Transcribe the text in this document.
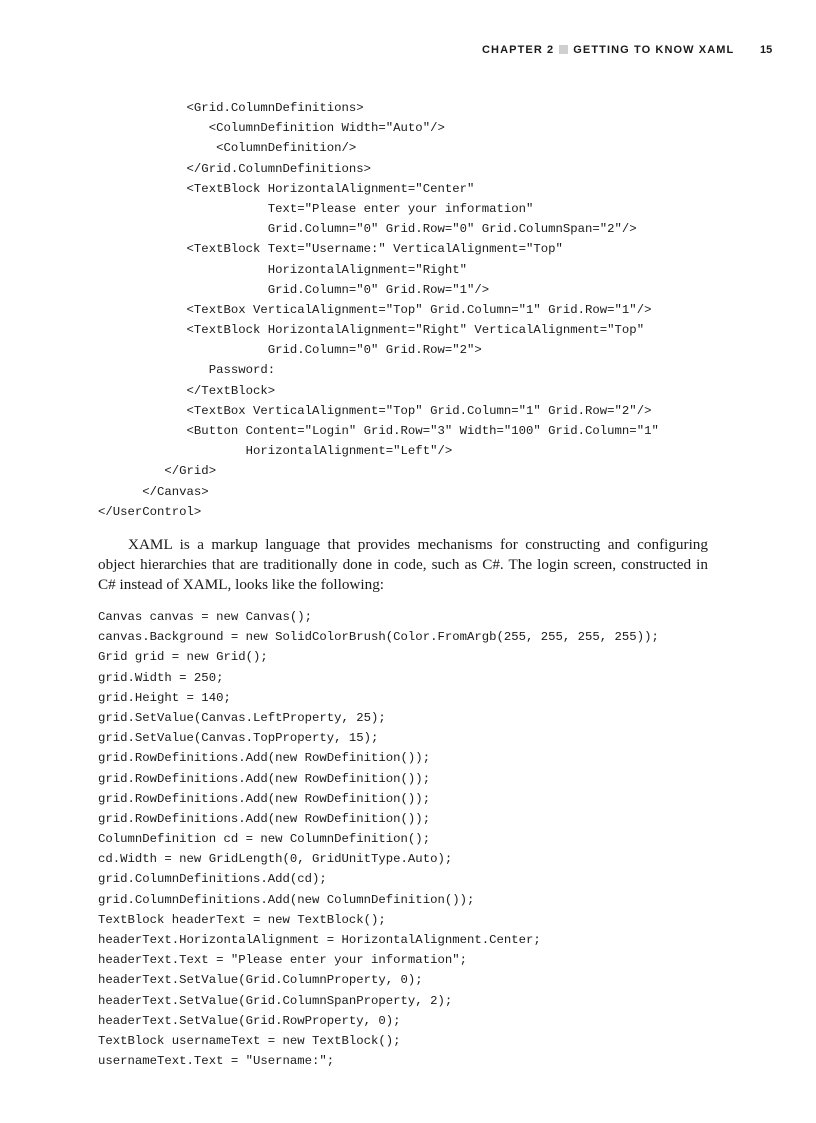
CHAPTER 2 GETTING TO KNOW XAML 15
<Grid.ColumnDefinitions>
<ColumnDefinition Width="Auto"/>
<ColumnDefinition/>
</Grid.ColumnDefinitions>
<TextBlock HorizontalAlignment="Center"
Text="Please enter your information"
Grid.Column="0" Grid.Row="0" Grid.ColumnSpan="2"/>
<TextBlock Text="Username:" VerticalAlignment="Top"
HorizontalAlignment="Right"
Grid.Column="0" Grid.Row="1"/>
<TextBox VerticalAlignment="Top" Grid.Column="1" Grid.Row="1"/>
<TextBlock HorizontalAlignment="Right" VerticalAlignment="Top"
Grid.Column="0" Grid.Row="2">
Password:
</TextBlock>
<TextBox VerticalAlignment="Top" Grid.Column="1" Grid.Row="2"/>
<Button Content="Login" Grid.Row="3" Width="100" Grid.Column="1"
HorizontalAlignment="Left"/>
</Grid>
</Canvas>
</UserControl>

XAML is a markup language that provides mechanisms for constructing and configuring object hierarchies that are traditionally done in code, such as C#. The login screen, constructed in C# instead of XAML, looks like the following:

Canvas canvas = new Canvas();
canvas.Background = new SolidColorBrush(Color.FromArgb(255, 255, 255, 255));
Grid grid = new Grid();
grid.Width = 250;
grid.Height = 140;
grid.SetValue(Canvas.LeftProperty, 25);
grid.SetValue(Canvas.TopProperty, 15);
grid.RowDefinitions.Add(new RowDefinition());
grid.RowDefinitions.Add(new RowDefinition());
grid.RowDefinitions.Add(new RowDefinition());
grid.RowDefinitions.Add(new RowDefinition());
ColumnDefinition cd = new ColumnDefinition();
cd.Width = new GridLength(0, GridUnitType.Auto);
grid.ColumnDefinitions.Add(cd);
grid.ColumnDefinitions.Add(new ColumnDefinition());
TextBlock headerText = new TextBlock();
headerText.HorizontalAlignment = HorizontalAlignment.Center;
headerText.Text = "Please enter your information";
headerText.SetValue(Grid.ColumnProperty, 0);
headerText.SetValue(Grid.ColumnSpanProperty, 2);
headerText.SetValue(Grid.RowProperty, 0);
TextBlock usernameText = new TextBlock();
usernameText.Text = "Username:";
